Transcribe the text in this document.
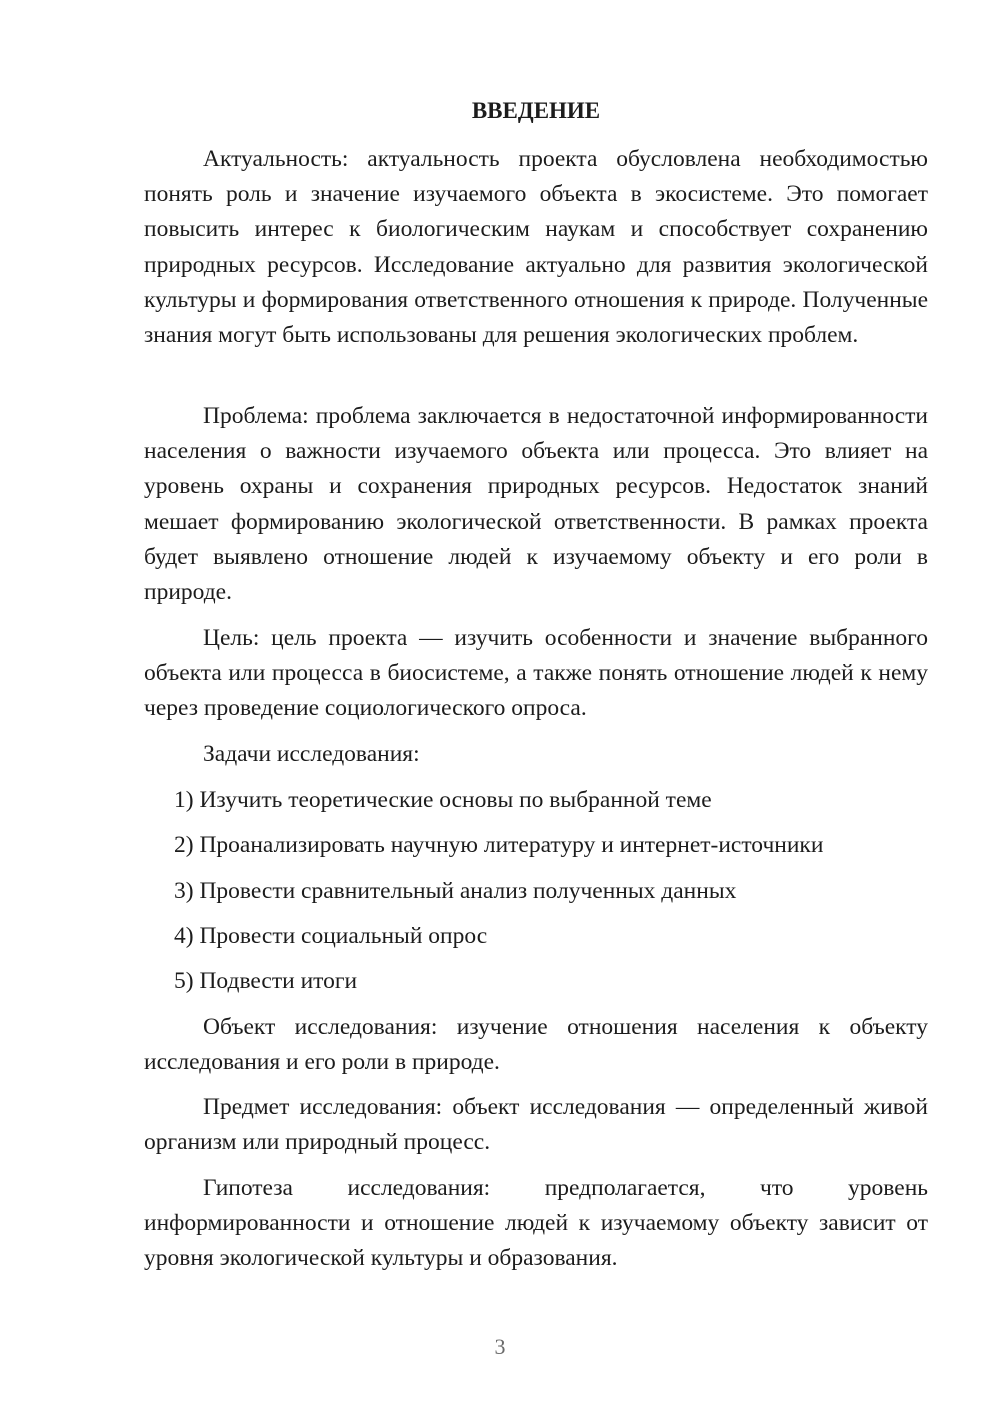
ВВЕДЕНИЕ

Актуальность: актуальность проекта обусловлена необходимостью понять роль и значение изучаемого объекта в экосистеме. Это помогает повысить интерес к биологическим наукам и способствует сохранению природных ресурсов. Исследование актуально для развития экологической культуры и формирования ответственного отношения к природе. Полученные знания могут быть использованы для решения экологических проблем.

Проблема: проблема заключается в недостаточной информированности населения о важности изучаемого объекта или процесса. Это влияет на уровень охраны и сохранения природных ресурсов. Недостаток знаний мешает формированию экологической ответственности. В рамках проекта будет выявлено отношение людей к изучаемому объекту и его роли в природе.

Цель: цель проекта — изучить особенности и значение выбранного объекта или процесса в биосистеме, а также понять отношение людей к нему через проведение социологического опроса.

Задачи исследования:

1) Изучить теоретические основы по выбранной теме

2) Проанализировать научную литературу и интернет-источники

3) Провести сравнительный анализ полученных данных

4) Провести социальный опрос

5) Подвести итоги

Объект исследования: изучение отношения населения к объекту исследования и его роли в природе.

Предмет исследования: объект исследования — определенный живой организм или природный процесс.

Гипотеза исследования: предполагается, что уровень информированности и отношение людей к изучаемому объекту зависит от уровня экологической культуры и образования.

3
